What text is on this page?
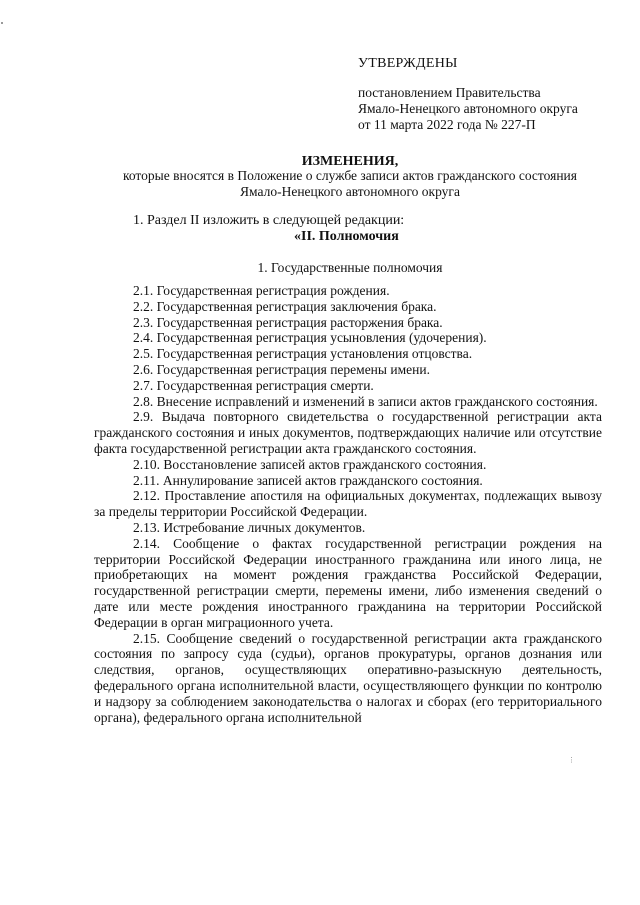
УТВЕРЖДЕНЫ
постановлением Правительства
Ямало-Ненецкого автономного округа
от 11 марта 2022 года № 227-П
ИЗМЕНЕНИЯ,
которые вносятся в Положение о службе записи актов гражданского состояния
Ямало-Ненецкого автономного округа
1. Раздел II изложить в следующей редакции:
«II. Полномочия
1. Государственные полномочия

2.1. Государственная регистрация рождения.

2.2. Государственная регистрация заключения брака.

2.3. Государственная регистрация расторжения брака.

2.4. Государственная регистрация усыновления (удочерения).

2.5. Государственная регистрация установления отцовства.

2.6. Государственная регистрация перемены имени.

2.7. Государственная регистрация смерти.

2.8. Внесение исправлений и изменений в записи актов гражданского состояния.

2.9. Выдача повторного свидетельства о государственной регистрации акта гражданского состояния и иных документов, подтверждающих наличие или отсутствие факта государственной регистрации акта гражданского состояния.

2.10. Восстановление записей актов гражданского состояния.

2.11. Аннулирование записей актов гражданского состояния.

2.12. Проставление апостиля на официальных документах, подлежащих вывозу за пределы территории Российской Федерации.

2.13. Истребование личных документов.

2.14. Сообщение о фактах государственной регистрации рождения на территории Российской Федерации иностранного гражданина или иного лица, не приобретающих на момент рождения гражданства Российской Федерации, государственной регистрации смерти, перемены имени, либо изменения сведений о дате или месте рождения иностранного гражданина на территории Российской Федерации в орган миграционного учета.

2.15. Сообщение сведений о государственной регистрации акта гражданского состояния по запросу суда (судьи), органов прокуратуры, органов дознания или следствия, органов, осуществляющих оперативно-разыскную деятельность, федерального органа исполнительной власти, осуществляющего функции по контролю и надзору за соблюдением законодательства о налогах и сборах (его территориального органа), федерального органа исполнительной

⋮
